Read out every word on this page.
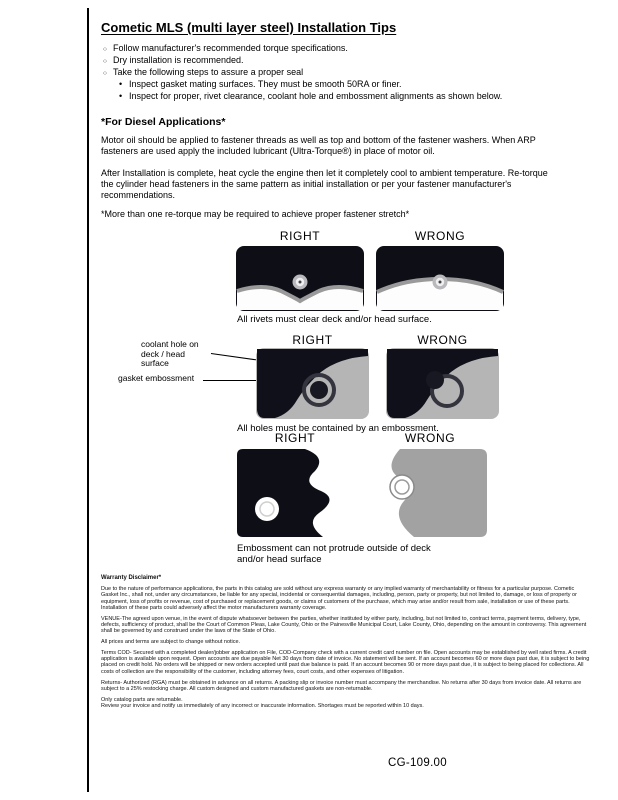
Cometic MLS (multi layer steel) Installation Tips
○ Follow manufacturer's recommended torque specifications.
○ Dry installation is recommended.
○ Take the following steps to assure a proper seal
• Inspect gasket mating surfaces. They must be smooth 50RA or finer.
• Inspect for proper, rivet clearance, coolant hole and embossment alignments as shown below.
*For Diesel Applications*

Motor oil should be applied to fastener threads as well as top and bottom of the fastener washers. When ARP fasteners are used apply the included lubricant (Ultra-Torque®) in place of motor oil.

After Installation is complete, heat cycle the engine then let it completely cool to ambient temperature. Re-torque the cylinder head fasteners in the same pattern as initial installation or per your fastener manufacturer's recommendations.

*More than one re-torque may be required to achieve proper fastener stretch*

RIGHT	WRONG

All rivets must clear deck and/or head surface.

coolant hole on deck / head surface
gasket embossment
RIGHT	WRONG

All holes must be contained by an embossment.

RIGHT	WRONG

Embossment can not protrude outside of deck and/or head surface

Warranty Disclaimer*

Due to the nature of performance applications, the parts in this catalog are sold without any express warranty or any implied warranty of merchantability or fitness for a particular purpose. Cometic Gasket Inc., shall not, under any circumstances, be liable for any special, incidental or consequential damages, including, person, party or property, but not limited to, damage, or loss of property or equipment, loss of profits or revenue, cost of purchased or replacement goods, or claims of customers of the purchase, which may arise and/or result from sale, installation or use of these parts. Installation of these parts could adversely affect the motor manufacturers warranty coverage.

VENUE-The agreed upon venue, in the event of dispute whatsoever between the parties, whether instituted by either party, including, but not limited to, contract terms, payment terms, delivery, type, defects, sufficiency of product, shall be the Court of Common Pleas, Lake County, Ohio or the Painesville Municipal Court, Lake County, Ohio, depending on the amount in controversy. This agreement shall be governed by and construed under the laws of the State of Ohio.

All prices and terms are subject to change without notice.

Terms COD- Secured with a completed dealer/jobber application on File, COD-Company check with a current credit card number on file. Open accounts may be established by well rated firms. A credit application is available upon request. Open accounts are due payable Net 30 days from date of invoice. No statement will be sent. If an account becomes 60 or more days past due, it is subject to being placed on credit hold. No orders will be shipped or new orders accepted until past due balance is paid. If an account becomes 90 or more days past due, it is subject to being placed for collections. All costs of collection are the responsibility of the customer, including attorney fees, court costs, and other expenses of litigation.

Returns- Authorized (RGA) must be obtained in advance on all returns. A packing slip or invoice number must accompany the merchandise. No returns after 30 days from invoice date. All returns are subject to a 25% restocking charge. All custom designed and custom manufactured gaskets are non-returnable.

Only catalog parts are returnable.

Review your invoice and notify us immediately of any incorrect or inaccurate information. Shortages must be reported within 10 days.

CG-109.00
